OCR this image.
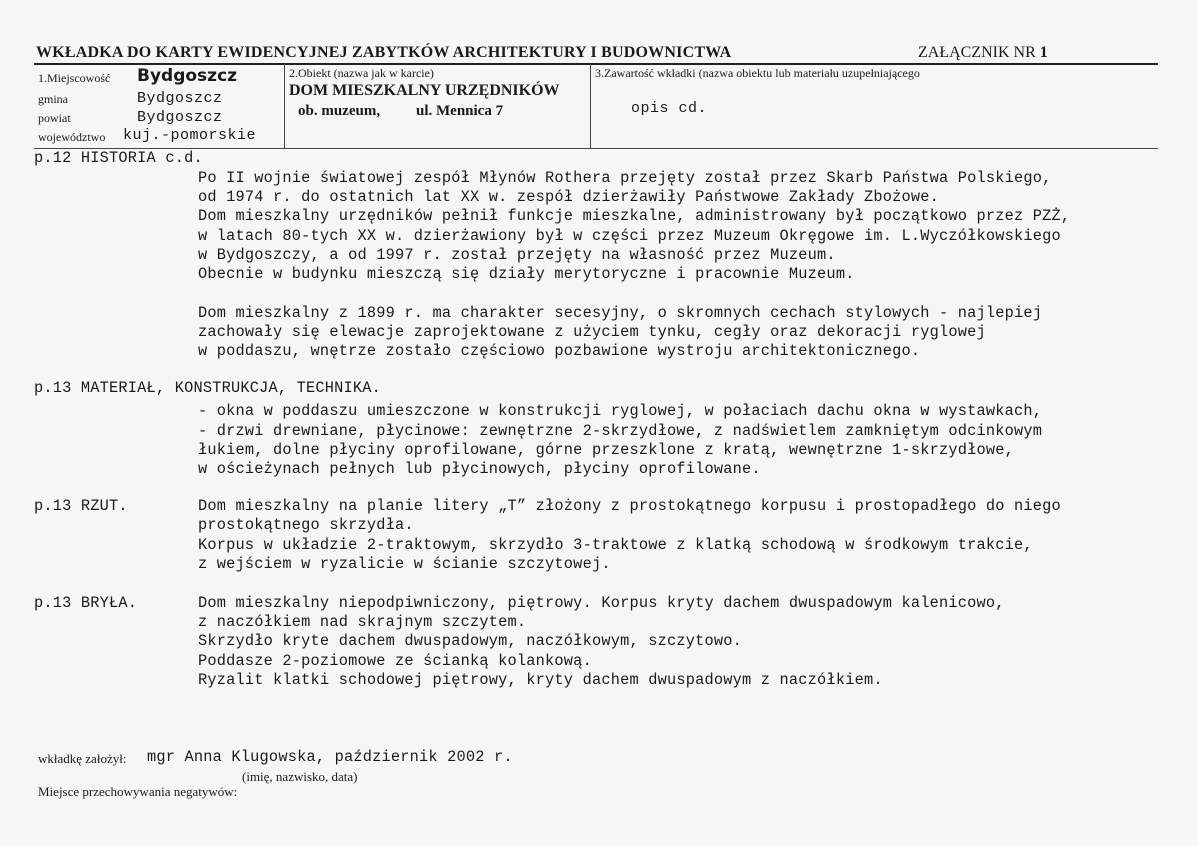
WKŁADKA DO KARTY EWIDENCYJNEJ ZABYTKÓW ARCHITEKTURY I BUDOWNICTWA	ZAŁĄCZNIK NR 1
1.Miejscowość Bydgoszcz
gmina	Bydgoszcz
powiat	Bydgoszcz
województwo kuj.-pomorskie
2.Obiekt (nazwa jak w karcie)
DOM MIESZKALNY URZĘDNIKÓW
ob. muzeum, ul. Mennica 7
3.Zawartość wkładki (nazwa obiektu lub materiału uzupełniającego
opis cd.
p.12 HISTORIA c.d.
Po II wojnie światowej zespół Młynów Rothera przejęty został przez Skarb Państwa Polskiego,
od 1974 r. do ostatnich lat XX w. zespół dzierżawiły Państwowe Zakłady Zbożowe.
Dom mieszkalny urzędników pełnił funkcje mieszkalne, administrowany był początkowo przez PZŻ,
w latach 80-tych XX w. dzierżawiony był w części przez Muzeum Okręgowe im. L.Wyczółkowskiego
w Bydgoszczy, a od 1997 r. został przejęty na własność przez Muzeum.
Obecnie w budynku mieszczą się działy merytoryczne i pracownie Muzeum.
Dom mieszkalny z 1899 r. ma charakter secesyjny, o skromnych cechach stylowych - najlepiej
zachowały się elewacje zaprojektowane z użyciem tynku, cegły oraz dekoracji ryglowej
w poddaszu, wnętrze zostało częściowo pozbawione wystroju architektonicznego.
p.13 MATERIAŁ, KONSTRUKCJA, TECHNIKA.
- okna w poddaszu umieszczone w konstrukcji ryglowej, w połaciach dachu okna w wystawkach,
- drzwi drewniane, płycinowe: zewnętrzne 2-skrzydłowe, z nadświetlem zamkniętym odcinkowym
łukiem, dolne płyciny oprofilowane, górne przeszklone z kratą, wewnętrzne 1-skrzydłowe,
w ościeżynach pełnych lub płycinowych, płyciny oprofilowane.
p.13 RZUT.	Dom mieszkalny na planie litery „T” złożony z prostokątnego korpusu i prostopadłego do niego
prostokątnego skrzydła.
Korpus w układzie 2-traktowym, skrzydło 3-traktowe z klatką schodową w środkowym trakcie,
z wejściem w ryzalicie w ścianie szczytowej.
p.13 BRYŁA.	Dom mieszkalny niepodpiwniczony, piętrowy. Korpus kryty dachem dwuspadowym kalenicowo,
z naczółkiem nad skrajnym szczytem.
Skrzydło kryte dachem dwuspadowym, naczółkowym, szczytowo.
Poddasze 2-poziomowe ze ścianką kolankową.
Ryzalit klatki schodowej piętrowy, kryty dachem dwuspadowym z naczółkiem.
wkładkę założył: mgr Anna Klugowska, październik 2002 r.
(imię, nazwisko, data)
Miejsce przechowywania negatywów:
